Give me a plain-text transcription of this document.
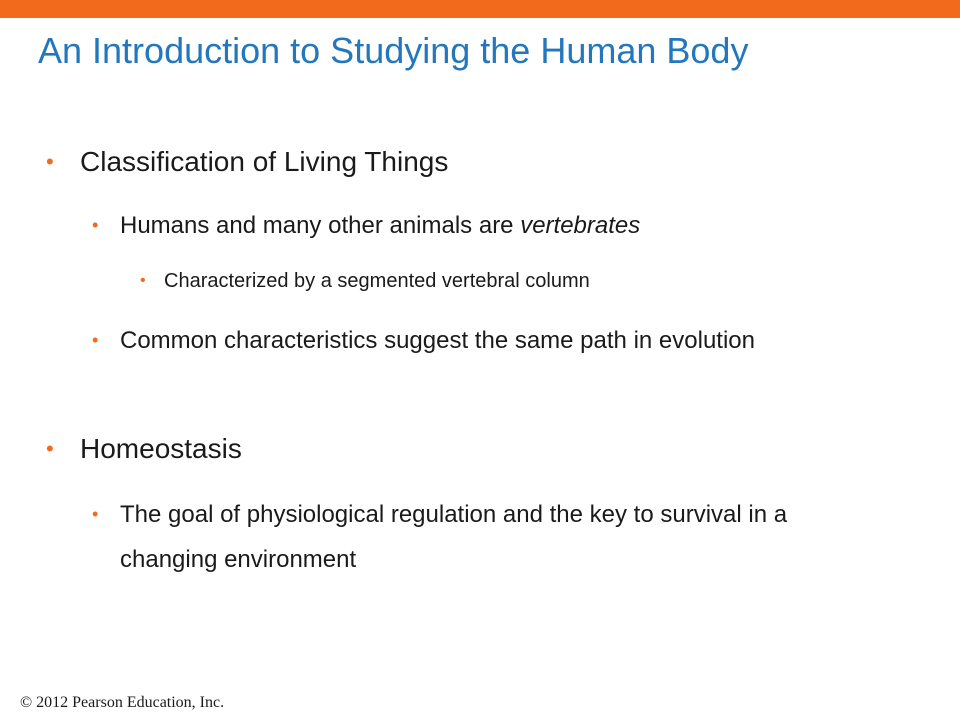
An Introduction to Studying the Human Body
• Classification of Living Things
• Humans and many other animals are vertebrates
• Characterized by a segmented vertebral column
• Common characteristics suggest the same path in evolution
• Homeostasis
• The goal of physiological regulation and the key to survival in a changing environment
© 2012 Pearson Education, Inc.
